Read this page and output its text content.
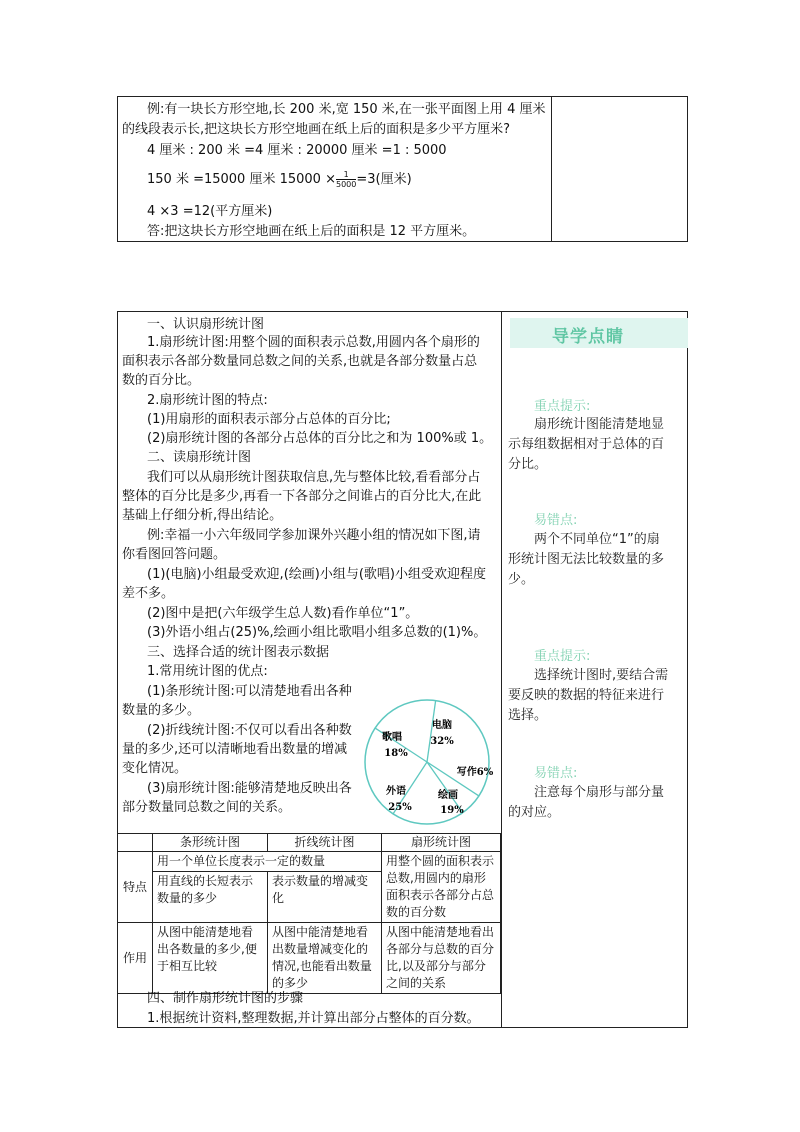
例:有一块长方形空地,长 200 米,宽 150 米,在一张平面图上用 4 厘米
的线段表示长,把这块长方形空地画在纸上后的面积是多少平方厘米?
4 厘米 : 200 米 =4 厘米 : 20000 厘米 =1 : 5000
150 米 =15000 厘米 $15000 \times \frac{1}{5000} =3$(厘米)
4 ×3 =12(平方厘米)
答:把这块长方形空地画在纸上后的面积是 12 平方厘米。
一、认识扇形统计图
1.扇形统计图:用整个圆的面积表示总数,用圆内各个扇形的
面积表示各部分数量同总数之间的关系,也就是各部分数量占总
数的百分比。
2.扇形统计图的特点:
(1)用扇形的面积表示部分占总体的百分比;
(2)扇形统计图的各部分占总体的百分比之和为 100%或 1。
二、读扇形统计图
我们可以从扇形统计图获取信息,先与整体比较,看看部分占
整体的百分比是多少,再看一下各部分之间谁占的百分比大,在此
基础上仔细分析,得出结论。
例:幸福一小六年级同学参加课外兴趣小组的情况如下图,请
你看图回答问题。
(1)(电脑)小组最受欢迎,(绘画)小组与(歌唱)小组受欢迎程度
差不多。
(2)图中是把(六年级学生总人数)看作单位“1”。
(3)外语小组占(25)%,绘画小组比歌唱小组多总数的(1)%。
三、选择合适的统计图表示数据
1.常用统计图的优点:
(1)条形统计图:可以清楚地看出各种
数量的多少。
(2)折线统计图:不仅可以看出各种数
量的多少,还可以清晰地看出数量的增减
变化情况。
(3)扇形统计图:能够清楚地反映出各
部分数量同总数之间的关系。
32%
电脑
写作6%
19%
绘画
25%
外语
18%
歌唱
	条形统计图	折线统计图	扇形统计图
特点	用一个单位长度表示一定的数量		用整个圆的面积表示总数,用圆内的扇形面积表示各部分占总数的百分数
	用直线的长短表示数量的多少	表示数量的增减变化	
作用	从图中能清楚地看出各数量的多少,便于相互比较	从图中能清楚地看出数量增减变化的情况,也能看出数量的多少	从图中能清楚地看出各部分与总数的百分比,以及部分与部分之间的关系
四、制作扇形统计图的步骤
1.根据统计资料,整理数据,并计算出部分占整体的百分数。
导学点睛
重点提示:
扇形统计图能清楚地显
示每组数据相对于总体的百
分比。
易错点:
两个不同单位“1”的扇
形统计图无法比较数量的多
少。
重点提示:
选择统计图时,要结合需
要反映的数据的特征来进行
选择。
易错点:
注意每个扇形与部分量
的对应。
